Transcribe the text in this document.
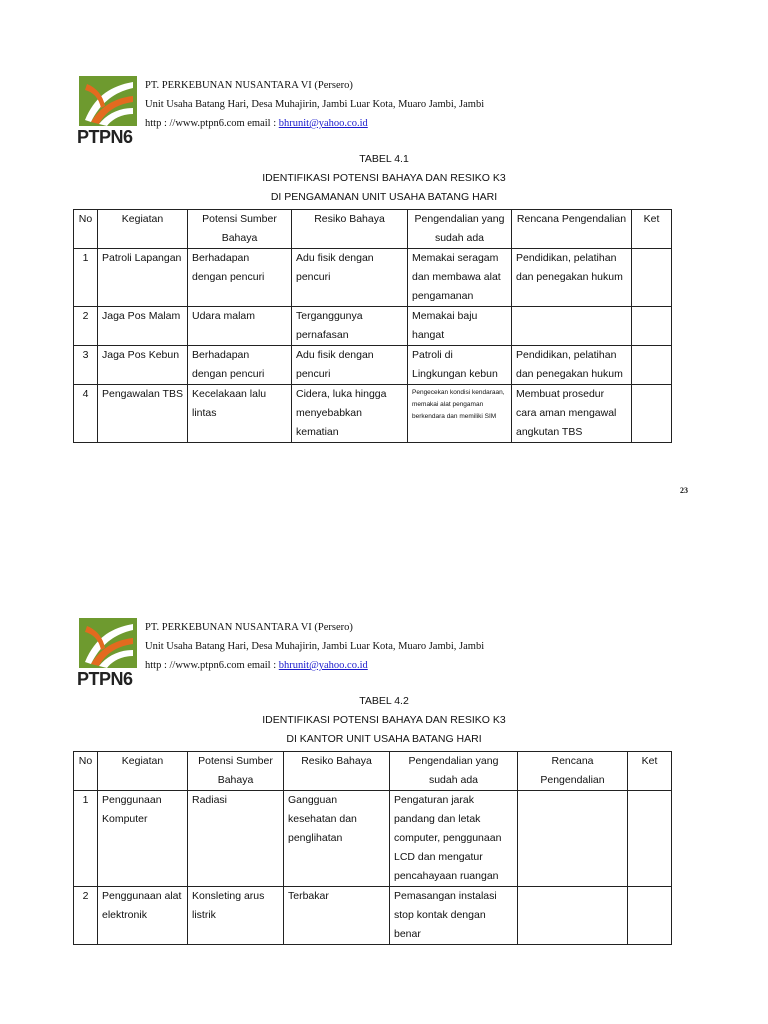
PTPN6
PT. PERKEBUNAN NUSANTARA VI (Persero)
Unit Usaha Batang Hari, Desa Muhajirin, Jambi Luar Kota, Muaro Jambi, Jambi
http : //www.ptpn6.com email : bhrunit@yahoo.co.id
TABEL 4.1
IDENTIFIKASI POTENSI BAHAYA DAN RESIKO K3
DI PENGAMANAN UNIT USAHA BATANG HARI
No	Kegiatan	Potensi Sumber Bahaya	Resiko Bahaya	Pengendalian yang sudah ada	Rencana Pengendalian	Ket
1	Patroli Lapangan	Berhadapan dengan pencuri	Adu fisik dengan pencuri	Memakai seragam dan membawa alat pengamanan	Pendidikan, pelatihan dan penegakan hukum	
2	Jaga Pos Malam	Udara malam	Terganggunya pernafasan	Memakai baju hangat		
3	Jaga Pos Kebun	Berhadapan dengan pencuri	Adu fisik dengan pencuri	Patroli di Lingkungan kebun	Pendidikan, pelatihan dan penegakan hukum	
4	Pengawalan TBS	Kecelakaan lalu lintas	Cidera, luka hingga menyebabkan kematian	Pengecekan kondisi kendaraan, memakai alat pengaman berkendara dan memiliki SIM	Membuat prosedur cara aman mengawal angkutan TBS	
23
PTPN6
PT. PERKEBUNAN NUSANTARA VI (Persero)
Unit Usaha Batang Hari, Desa Muhajirin, Jambi Luar Kota, Muaro Jambi, Jambi
http : //www.ptpn6.com email : bhrunit@yahoo.co.id
TABEL 4.2
IDENTIFIKASI POTENSI BAHAYA DAN RESIKO K3
DI KANTOR UNIT USAHA BATANG HARI
No	Kegiatan	Potensi Sumber Bahaya	Resiko Bahaya	Pengendalian yang sudah ada	Rencana Pengendalian	Ket
1	Penggunaan Komputer	Radiasi	Gangguan kesehatan dan penglihatan	Pengaturan jarak pandang dan letak computer, penggunaan LCD dan mengatur pencahayaan ruangan		
2	Penggunaan alat elektronik	Konsleting arus listrik	Terbakar	Pemasangan instalasi stop kontak dengan benar		
